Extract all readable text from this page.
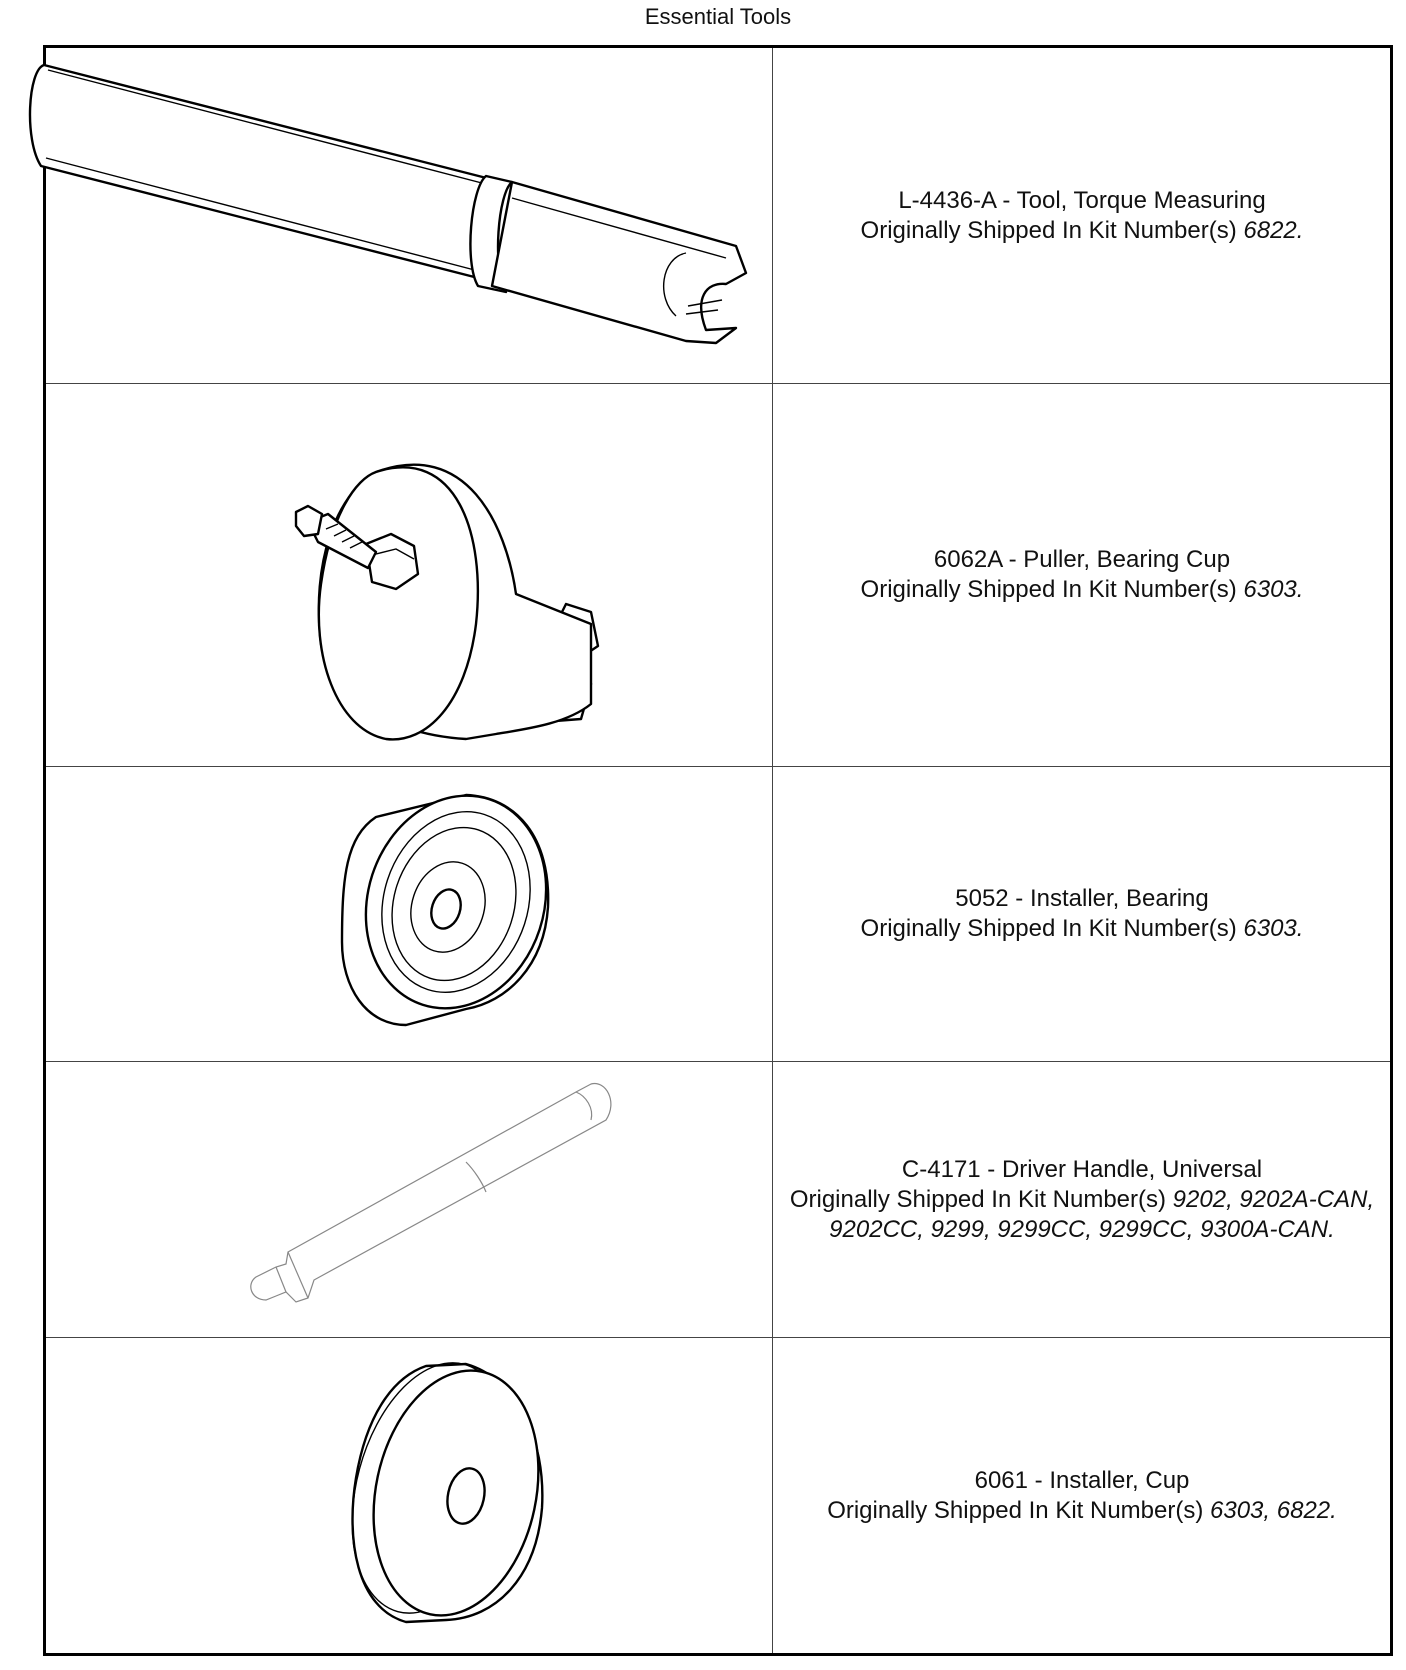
Essential Tools
L-4436-A - Tool, Torque Measuring
Originally Shipped In Kit Number(s) 6822.
6062A - Puller, Bearing Cup
Originally Shipped In Kit Number(s) 6303.
5052 - Installer, Bearing
Originally Shipped In Kit Number(s) 6303.
C-4171 - Driver Handle, Universal
Originally Shipped In Kit Number(s) 9202, 9202A-CAN,
9202CC, 9299, 9299CC, 9299CC, 9300A-CAN.
6061 - Installer, Cup
Originally Shipped In Kit Number(s) 6303, 6822.
